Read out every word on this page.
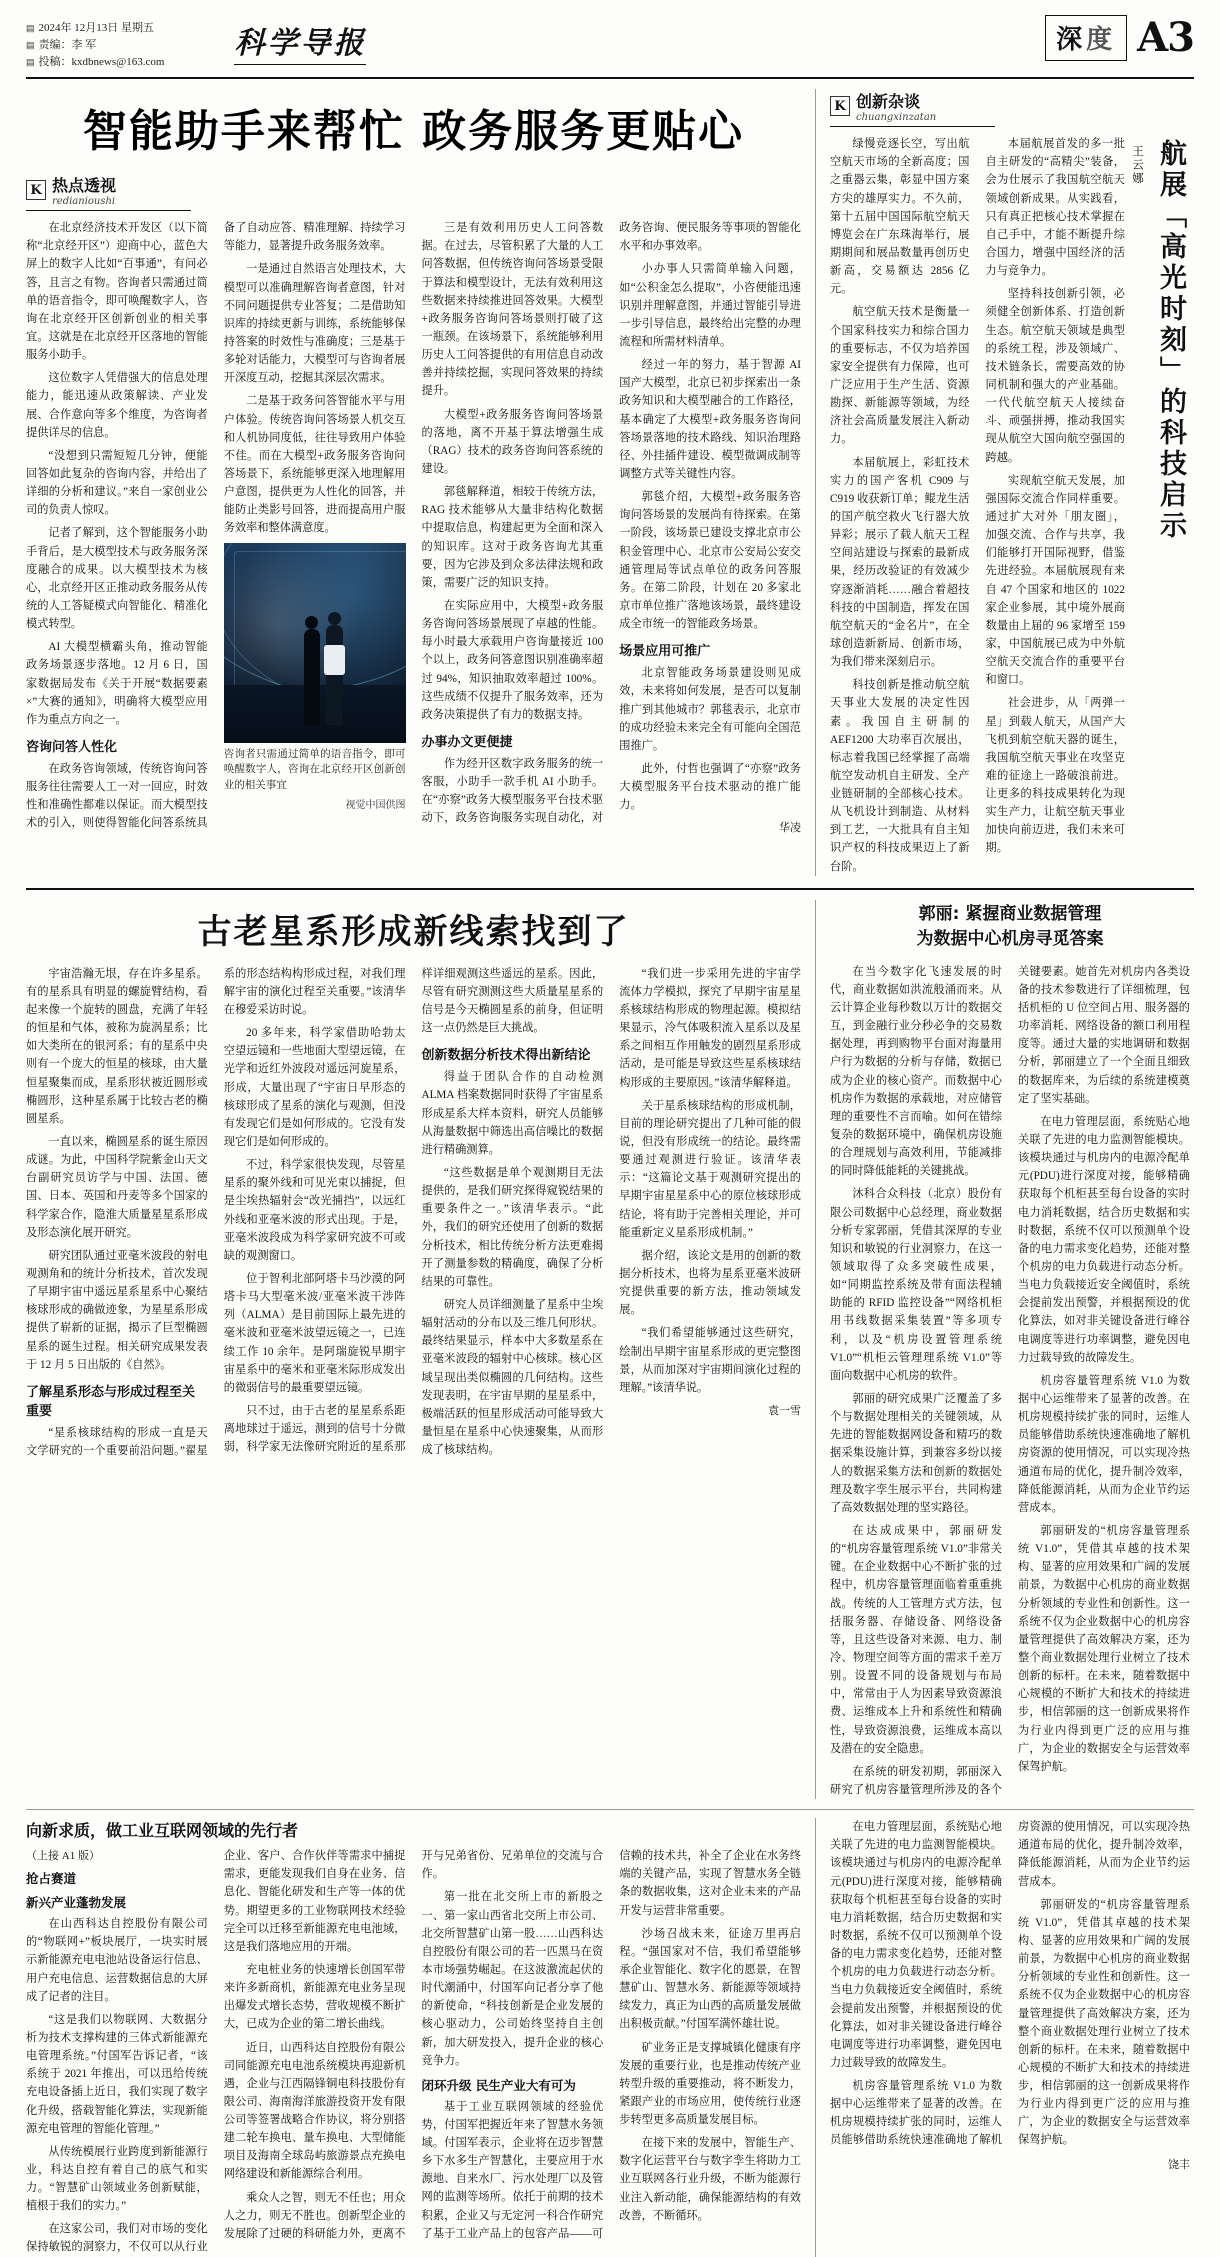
▤ 2024年 12月13日 星期五
▤ 责编：李 军
▤ 投稿：kxdbnews@163.com
科学导报	深度 A3
智能助手来帮忙 政务服务更贴心
K 热点透视
redianioushi

在北京经济技术开发区（以下简称“北京经开区”）迎商中心，蓝色大屏上的数字人比如“百事通”，有问必答，且言之有物。咨询者只需通过简单的语音指令，即可唤醒数字人，咨询在北京经开区创新创业的相关事宜。这就是在北京经开区落地的智能服务小助手。

这位数字人凭借强大的信息处理能力，能迅速从政策解读、产业发展、合作意向等多个维度，为咨询者提供详尽的信息。

“没想到只需短短几分钟，便能回答如此复杂的咨询内容，并给出了详细的分析和建议。”来自一家创业公司的负责人惊叹。

记者了解到，这个智能服务小助手背后，是大模型技术与政务服务深度融合的成果。以大模型技术为核心，北京经开区正推动政务服务从传统的人工答疑模式向智能化、精准化模式转型。

AI 大模型横霸头角，推动智能政务场景逐步落地。12 月 6 日，国家数据局发布《关于开展“数据要素×”大赛的通知》，明确将大模型应用作为重点方向之一。

咨询问答人性化

在政务咨询领域，传统咨询问答服务往往需要人工一对一回应，时效性和准确性都难以保证。而大模型技术的引入，则使得智能化问答系统具备了自动应答、精准理解、持续学习等能力，显著提升政务服务效率。

一是通过自然语言处理技术，大模型可以准确理解咨询者意图，针对不同问题提供专业答复；二是借助知识库的持续更新与训练，系统能够保持答案的时效性与准确度；三是基于多轮对话能力，大模型可与咨询者展开深度互动，挖掘其深层次需求。

二是基于政务问答智能水平与用户体验。传统咨询问答场景人机交互和人机协同度低，往往导致用户体验不佳。而在大模型+政务服务咨询问答场景下，系统能够更深入地理解用户意图，提供更为人性化的回答，并能防止类影号回答，进而提高用户服务效率和整体满意度。

咨询者只需通过简单的语音指令，即可唤醒数字人，咨询在北京经开区创新创业的相关事宜
视觉中国供图

三是有效利用历史人工问答数据。在过去，尽管积累了大量的人工问答数据，但传统咨询问答场景受限于算法和模型设计，无法有效利用这些数据来持续推进回答效果。大模型+政务服务咨询问答场景则打破了这一瓶颈。在该场景下，系统能够利用历史人工问答提供的有用信息自动改善并持续挖掘，实现问答效果的持续提升。

大模型+政务服务咨询问答场景的落地，离不开基于算法增强生成（RAG）技术的政务咨询问答系统的建设。

郭毯解释道，相较于传统方法，RAG 技术能够从大量非结构化数据中提取信息，构建起更为全面和深入的知识库。这对于政务咨询尤其重要，因为它涉及到众多法律法规和政策，需要广泛的知识支持。

在实际应用中，大模型+政务服务咨询问答场景展现了卓越的性能。每小时最大承载用户咨询量接近 100 个以上，政务问答意图识别准确率超过 94%，知识抽取效率超过 100%。这些成绩不仅提升了服务效率，还为政务决策提供了有力的数据支持。

办事办文更便捷

作为经开区数字政务服务的统一客服，小助手一款手机 AI 小助手。在“亦察”政务大模型服务平台技术驱动下，政务咨询服务实现自动化，对政务咨询、便民服务等事项的智能化水平和办事效率。

小办事人只需简单输入问题，如“公积金怎么提取”，小咨便能迅速识别并理解意图，并通过智能引导进一步引导信息，最终给出完整的办理流程和所需材料清单。

经过一年的努力，基于智源 AI 国产大模型，北京已初步探索出一条政务知识和大模型融合的工作路径，基本确定了大模型+政务服务咨询问答场景落地的技术路线、知识治理路径、外挂插件建设、模型微调成制等调整方式等关键性内容。

郭毯介绍，大模型+政务服务咨询问答场景的发展尚有待探索。在第一阶段，该场景已建设支撑北京市公积金管理中心、北京市公安局公安交通管理局等试点单位的政务问答服务。在第二阶段，计划在 20 多家北京市单位推广落地该场景，最终建设成全市统一的智能政务场景。

场景应用可推广

北京智能政务场景建设则见成效，未来将如何发展，是否可以复制推广到其他城市？郭毯表示，北京市的成功经验未来完全有可能向全国范围推广。

此外，付哲也强调了“亦察”政务大模型服务平台技术驱动的推广能力。

华凌
K 创新杂谈
chuangxinzatan
航展「高光时刻」的科技启示
王云娜

绿慢竞逐长空，写出航空航天市场的全新高度；国之重器云集，彰显中国方案方尖的雄厚实力。不久前，第十五届中国国际航空航天博览会在广东珠海举行，展期期间和展品数量再创历史新高，交易额达 2856 亿元。

航空航天技术是衡量一个国家科技实力和综合国力的重要标志，不仅为培养国家安全提供有力保障，也可广泛应用于生产生活、资源勘探、新能源等领域，为经济社会高质量发展注入新动力。

本届航展上，彩虹技术实力的国产客机 C909 与 C919 收获新订单；鲲龙生活的国产航空救火飞行器大放异彩；展示了载人航天工程空间站建设与探索的最新成果，经历改验证的有效减少穿逐渐消耗……融合着超技科技的中国制造，挥发在国航空航天的“金名片”，在全球创造新新局、创新市场，为我们带来深刻启示。

科技创新是推动航空航天事业大发展的决定性因素。我国自主研制的 AEF1200 大功率百次展出，标志着我国已经掌握了高端航空发动机自主研发、全产业链研制的全部核心技术。从飞机设计到制造、从材料到工艺，一大批具有自主知识产权的科技成果迈上了新台阶。

本届航展首发的多一批自主研发的“高精尖”装备，会为仕展示了我国航空航天领域创新成果。从实践看，只有真正把核心技术掌握在自己手中，才能不断提升综合国力，增强中国经济的活力与竞争力。

坚持科技创新引领，必须健全创新体系、打造创新生态。航空航天领域是典型的系统工程，涉及领域广、技术链条长，需要高效的协同机制和强大的产业基础。一代代航空航天人接续奋斗、顽强拼搏，推动我国实现从航空大国向航空强国的跨越。

实现航空航天发展，加强国际交流合作同样重要。通过扩大对外「朋友圈」，加强交流、合作与共享，我们能够打开国际视野，借鉴先进经验。本届航展现有来自 47 个国家和地区的 1022 家企业参展，其中境外展商数量由上届的 96 家增至 159 家，中国航展已成为中外航空航天交流合作的重要平台和窗口。

社会进步，从「两弹一星」到载人航天，从国产大飞机到航空航天器的诞生，我国航空航天事业在攻坚克难的征途上一路破浪前进。让更多的科技成果转化为现实生产力，让航空航天事业加快向前迈进，我们未来可期。

古老星系形成新线索找到了

宇宙浩瀚无垠，存在许多星系。有的星系具有明显的螺旋臂结构，看起来像一个旋转的圆盘，充满了年轻的恒星和气体，被称为旋涡星系；比如大类所在的银河系；有的星系中央则有一个庞大的恒星的核球，由大量恒星聚集而成，星系形状被近圆形或椭圆形，这种星系属于比较古老的椭圆星系。

一直以来，椭圆星系的诞生原因成谜。为此，中国科学院紫金山天文台副研究员访学与中国、法国、德国、日本、英国和丹麦等多个国家的科学家合作，隐淮大质量星星系形成及形态演化展开研究。

研究团队通过亚毫米波段的射电观测角和的统计分析技术，首次发现了早期宇宙中遥远星系星系中心聚结核球形成的确做迹象，为星星系形成提供了崭新的证据，揭示了巨型椭圆星系的诞生过程。相关研究成果发表于 12 月 5 日出版的《自然》。

了解星系形态与形成过程至关重要

“星系核球结构的形成一直是天文学研究的一个重要前沿问题。”翟星系的形态结构构形成过程，对我们理解宇宙的演化过程至关重要。”该清华在穆爱采访时说。

20 多年来，科学家借助哈勃太空望远镜和一些地面大型望远镜，在光学和近红外波段对遥远河旋星系，形成，大量出现了“宇宙日早形态的核球形成了星系的演化与观测，但没有发现它们是如何形成的。它没有发现它们是如何形成的。

不过，科学家很快发现，尽管星星系的聚外线和可见光束以捕捉，但是尘埃热辐射会“改光捕挡”，以远红外线和亚毫米波的形式出现。于是，亚毫米波段成为科学家研究波不可或缺的观测窗口。

位于智利北部阿塔卡马沙漠的阿塔卡马大型毫米波/亚毫米波干涉阵列（ALMA）是目前国际上最先进的毫米波和亚毫米波望远镜之一，已连续工作 10 余年。是阿瑞旋锐早期宇宙星系中的毫米和亚毫米际形成发出的微弱信号的最重要望远镜。

只不过，由于古老的星星系系距离地球过于遥远，测到的信号十分微弱，科学家无法像研究附近的星系那样详细观测这些遥远的星系。因此，尽管有研究测测这些大质量星星系的信号是今天椭圆星系的前身，但证明这一点仍然是巨大挑战。

创新数据分析技术得出新结论

得益于团队合作的自动检测 ALMA 档案数据同时获得了宇宙星系形成星系大样本资料，研究人员能够从海量数据中筛选出高信噪比的数据进行精确测算。

“这些数据是单个观测期目无法提供的，是我们研究探得窥锐结果的重要条件之一。”该清华表示。“此外，我们的研究还使用了创新的数据分析技术，相比传统分析方法更难揭开了测量参数的精确度，确保了分析结果的可靠性。

研究人员详细测量了星系中尘埃辐射活动的分布以及三维几何形状。最终结果显示，样本中大多数星系在亚毫米波段的辐射中心核球。核心区域呈现出类似椭圆的几何结构。这些发现表明，在宇宙早期的星星系中，极端活跃的恒星形成活动可能导致大量恒星在星系中心快速聚集，从而形成了核球结构。

“我们进一步采用先进的宇宙学流体力学模拟，探究了早期宇宙星星系核球结构形成的物理起源。模拟结果显示，冷气体吸积流入星系以及星系之间相互作用触发的剧烈星系形成活动，是可能是导致这些星系核球结构形成的主要原因。”该清华解释道。

关于星系核球结构的形成机制，目前的理论研究提出了几种可能的假说，但没有形成统一的结论。最终需要通过观测进行验证。该清华表示：“这篇论文基于观测研究提出的早期宇宙星星系中心的原位核球形成结论，将有助于完善相关理论，并可能重新定义星系形成机制。”

据介绍，该论文是用的创新的数据分析技术，也将为星系亚毫米波研究提供重要的新方法，推动领域发展。

“我们希望能够通过这些研究，绘制出早期宇宙星系形成的更完整图景，从而加深对宇宙期间演化过程的理解。”该清华说。

袁一雪
郭丽: 紧握商业数据管理
为数据中心机房寻觅答案

在当今数字化飞速发展的时代，商业数据如洪流般涌而来。从云计算企业每秒数以万计的数据交互，到金融行业分秒必争的交易数据处理，再到购物平台面对海量用户行为数据的分析与存储，数据已成为企业的核心资产。而数据中心机房作为数据的承载地，对应储管理的重要性不言而喻。如何在错综复杂的数据环境中，确保机房设施的合理规划与高效利用，节能减排的同时降低能耗的关键挑战。

沐科合众科技（北京）股份有限公司数据中心总经理，商业数据分析专家郭丽，凭借其深厚的专业知识和敏锐的行业洞察力，在这一领域取得了众多突破性成果，如“同期监控系统及带有面法程辅助能的 RFID 监控设备”“网络机柜用书线数据采集装置”等多项专利，以及“机房设置管理系统 V1.0”“机柜云管理理系统 V1.0”等面向数据中心机房的软件。

郭丽的研究成果广泛覆盖了多个与数据处理相关的关键领域，从先进的智能数据网设备和精巧的数据采集设施计算，到兼容多纷以接人的数据采集方法和创新的数据处理及数字孪生展示平台，共同构建了高效数据处理的坚实路径。

在达成成果中，郭丽研发的“机房容量管理系统 V1.0”非常关键。在企业数据中心不断扩张的过程中，机房容量管理面临着重重挑战。传统的人工管理方式方法，包括服务器、存储设备、网络设备等，且这些设备对来源、电力、制冷、物理空间等方面的需求千差万别。设置不同的设备规划与布局中，常常由于人为因素导致资源浪费、运维成本上升和系统性和精确性，导致资源浪费，运维成本高以及潜在的安全隐患。

在系统的研发初期，郭丽深入研究了机房容量管理所涉及的各个关键要素。她首先对机房内各类设备的技术参数进行了详细梳理，包括机柜的 U 位空间占用、服务器的功率消耗、网络设备的额口利用程度等。通过大量的实地调研和数据分析，郭丽建立了一个全面且细致的数据库来，为后续的系统建模奠定了坚实基础。

在电力管理层面，系统贴心地关联了先进的电力监测智能模块。该模块通过与机房内的电源冷配单元(PDU)进行深度对接，能够精确获取每个机柜甚至每台设备的实时电力消耗数据，结合历史数据和实时数据，系统不仅可以预测单个设备的电力需求变化趋势，还能对整个机房的电力负载进行动态分析。当电力负载接近安全阈值时，系统会提前发出预警，并根据预设的优化算法，如对非关键设备进行峰谷电调度等进行功率调整，避免因电力过载导致的故障发生。

机房容量管理系统 V1.0 为数据中心运维带来了显著的改善。在机房规模持续扩张的同时，运维人员能够借助系统快速准确地了解机房资源的使用情况，可以实现冷热通道布局的优化，提升制冷效率，降低能源消耗，从而为企业节约运营成本。

郭丽研发的“机房容量管理系统 V1.0”，凭借其卓越的技术架构、显著的应用效果和广阔的发展前景，为数据中心机房的商业数据分析领域的专业性和创新性。这一系统不仅为企业数据中心的机房容量管理提供了高效解决方案，还为整个商业数据处理行业树立了技术创新的标杆。在未来，随着数据中心规模的不断扩大和技术的持续进步，相信郭丽的这一创新成果将作为行业内得到更广泛的应用与推广，为企业的数据安全与运营效率保驾护航。

向新求质，做工业互联网领域的先行者

（上接 A1 版）

抢占赛道
新兴产业蓬勃发展

在山西科达自控股份有限公司的“物联网+”板块展厅，一块实时展示新能源充电电池站设备运行信息、用户充电信息、运营数据信息的大屏成了记者的注目。

“这是我们以物联网、大数据分析为技术支撑构建的三体式新能源充电管理系统。”付国军告诉记者，“该系统于 2021 年推出，可以迅给传统充电设备插上近日，我们实现了数字化升级，搭载智能化算法，实现新能源充电管理的智能化管理。”

从传统模展行业跨度到新能源行业，科达自控有着自己的底气和实力。“智慧矿山领域业务创新赋能，植根于我们的实力。”

在这家公司，我们对市场的变化保持敏锐的洞察力，不仅可以从行业企业、客户、合作伙伴等需求中捕捉需求，更能发现我们自身在业务、信息化、智能化研发和生产等一体的优势。期望更多的工业物联网技术经验完全可以迁移至新能源充电电池域，这是我们落地应用的开端。

充电桩业务的快速增长创国军带来许多新商机，新能源充电业务呈现出爆发式增长态势，营收规模不断扩大，已成为企业的第二增长曲线。

近日，山西科达自控股份有限公司同能源充电电池系统模块再迎新机遇，企业与江西隔锋铜电科技股份有限公司、海南海洋旅游投资开发有限公司等签署战略合作协议，将分别搭建二轮车换电、量车换电、大型储能项目及海南全球岛屿旅游景点充换电网络建设和新能源综合利用。

乘众人之智，则无不任也；用众人之力，则无不胜也。创新型企业的发展除了过硬的科研能力外，更离不开与兄弟省份、兄弟单位的交流与合作。

第一批在北交所上市的新股之一、第一家山西省北交所上市公司、北交所智慧矿山第一股……山西科达自控股份有限公司的若一匹黑马在资本市场强势崛起。在这波激流起伏的时代潮涌中，付国军向记者分享了他的新使命，“科技创新是企业发展的核心驱动力，公司始终坚持自主创新，加大研发投入，提升企业的核心竞争力。

闭环升级 民生产业大有可为

基于工业互联网领域的经验优势，付国军把握近年来了智慧水务领域。付国军表示，企业将在迈步智慧乡下水多生产智慧化，主要应用于水源地、自来水厂、污水处理厂以及管网的监测等场所。依托于前期的技术积累，企业又与无定河一科合作研究了基于工业产品上的包容产品——可信赖的技术共，补全了企业在水务终端的关键产品，实现了智慧水务全链条的数据收集，这对企业未来的产品开发与运营非常重要。

沙场召战未来，征途万里再启程。“强国家对不信，我们希望能够承企业智能化、数字化的愿景，在智慧矿山、智慧水务、新能源等领域持续发力，真正为山西的高质量发展做出积极贡献。”付国军满怀雄壮说。

矿业务正是支撑城镇化健康有序发展的重要行业，也是推动传统产业转型升级的重要推动，将不断发力，紧跟产业的市场应用，使传统行业逐步转型更多高质量发展目标。

在接下来的发展中，智能生产、数字化运营平台与数字孪生将助力工业互联网各行业升级，不断为能源行业注入新动能，确保能源结构的有效改善，不断循环。

在电力管理层面，系统贴心地关联了先进的电力监测智能模块。该模块通过与机房内的电源冷配单元(PDU)进行深度对接，能够精确获取每个机柜甚至每台设备的实时电力消耗数据，结合历史数据和实时数据，系统不仅可以预测单个设备的电力需求变化趋势，还能对整个机房的电力负载进行动态分析。当电力负载接近安全阈值时，系统会提前发出预警，并根据预设的优化算法，如对非关键设备进行峰谷电调度等进行功率调整，避免因电力过载导致的故障发生。

机房容量管理系统 V1.0 为数据中心运维带来了显著的改善。在机房规模持续扩张的同时，运维人员能够借助系统快速准确地了解机房资源的使用情况，可以实现冷热通道布局的优化，提升制冷效率，降低能源消耗，从而为企业节约运营成本。

郭丽研发的“机房容量管理系统 V1.0”，凭借其卓越的技术架构、显著的应用效果和广阔的发展前景，为数据中心机房的商业数据分析领域的专业性和创新性。这一系统不仅为企业数据中心的机房容量管理提供了高效解决方案，还为整个商业数据处理行业树立了技术创新的标杆。在未来，随着数据中心规模的不断扩大和技术的持续进步，相信郭丽的这一创新成果将作为行业内得到更广泛的应用与推广，为企业的数据安全与运营效率保驾护航。

饶丰
